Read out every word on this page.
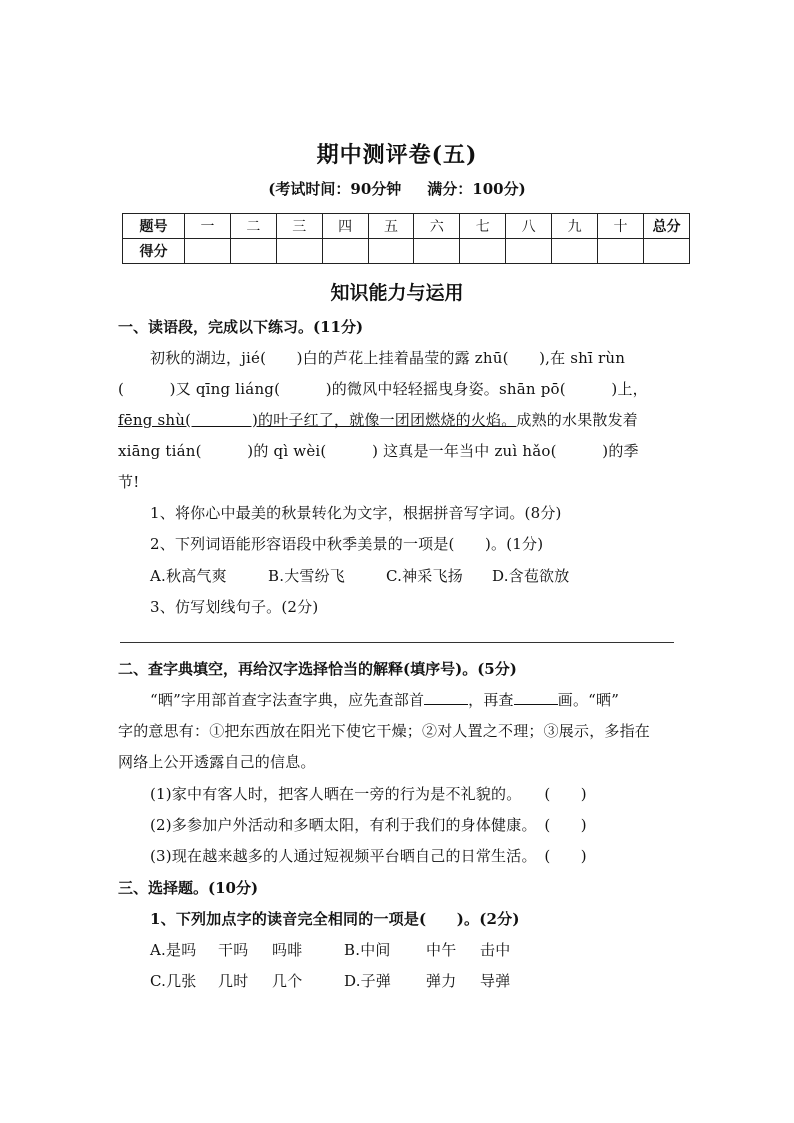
期中测评卷(五)
(考试时间：90分钟 满分：100分)
题号	一	二	三	四	五	六	七	八	九	十	总分
得分											
知识能力与运用
一、读语段，完成以下练习。(11分)
初秋的湖边，jié(　　)白的芦花上挂着晶莹的露 zhū(　　),在 shī rùn
(　　　)又 qīng liáng(　　　)的微风中轻轻摇曳身姿。shān pō(　　　)上，
fēng shù(　　　　)的叶子红了，就像一团团燃烧的火焰。成熟的水果散发着
xiāng tián(　　　)的 qì wèi(　　　) 这真是一年当中 zuì hǎo(　　　)的季
节!
1、将你心中最美的秋景转化为文字，根据拼音写字词。(8分)
2、下列词语能形容语段中秋季美景的一项是(　　)。(1分)
A.秋高气爽	B.大雪纷飞	C.神采飞扬 D.含苞欲放
3、仿写划线句子。(2分)
二、查字典填空，再给汉字选择恰当的解释(填序号)。(5分)
“晒”字用部首查字法查字典，应先查部首	，再查	画。“晒”
字的意思有：①把东西放在阳光下使它干燥；②对人置之不理；③展示，多指在
网络上公开透露自己的信息。
(1)家中有客人时，把客人晒在一旁的行为是不礼貌的。　　(　　)
(2)多参加户外活动和多晒太阳，有利于我们的身体健康。　(　　)
(3)现在越来越多的人通过短视频平台晒自己的日常生活。　(　　)
三、选择题。(10分)
1、下列加点字的读音完全相同的一项是(　　)。(2分)
A.是吗 干吗 吗啡	B.中间 中午 击中
C.几张 几时 几个	D.子弹 弹力 导弹
